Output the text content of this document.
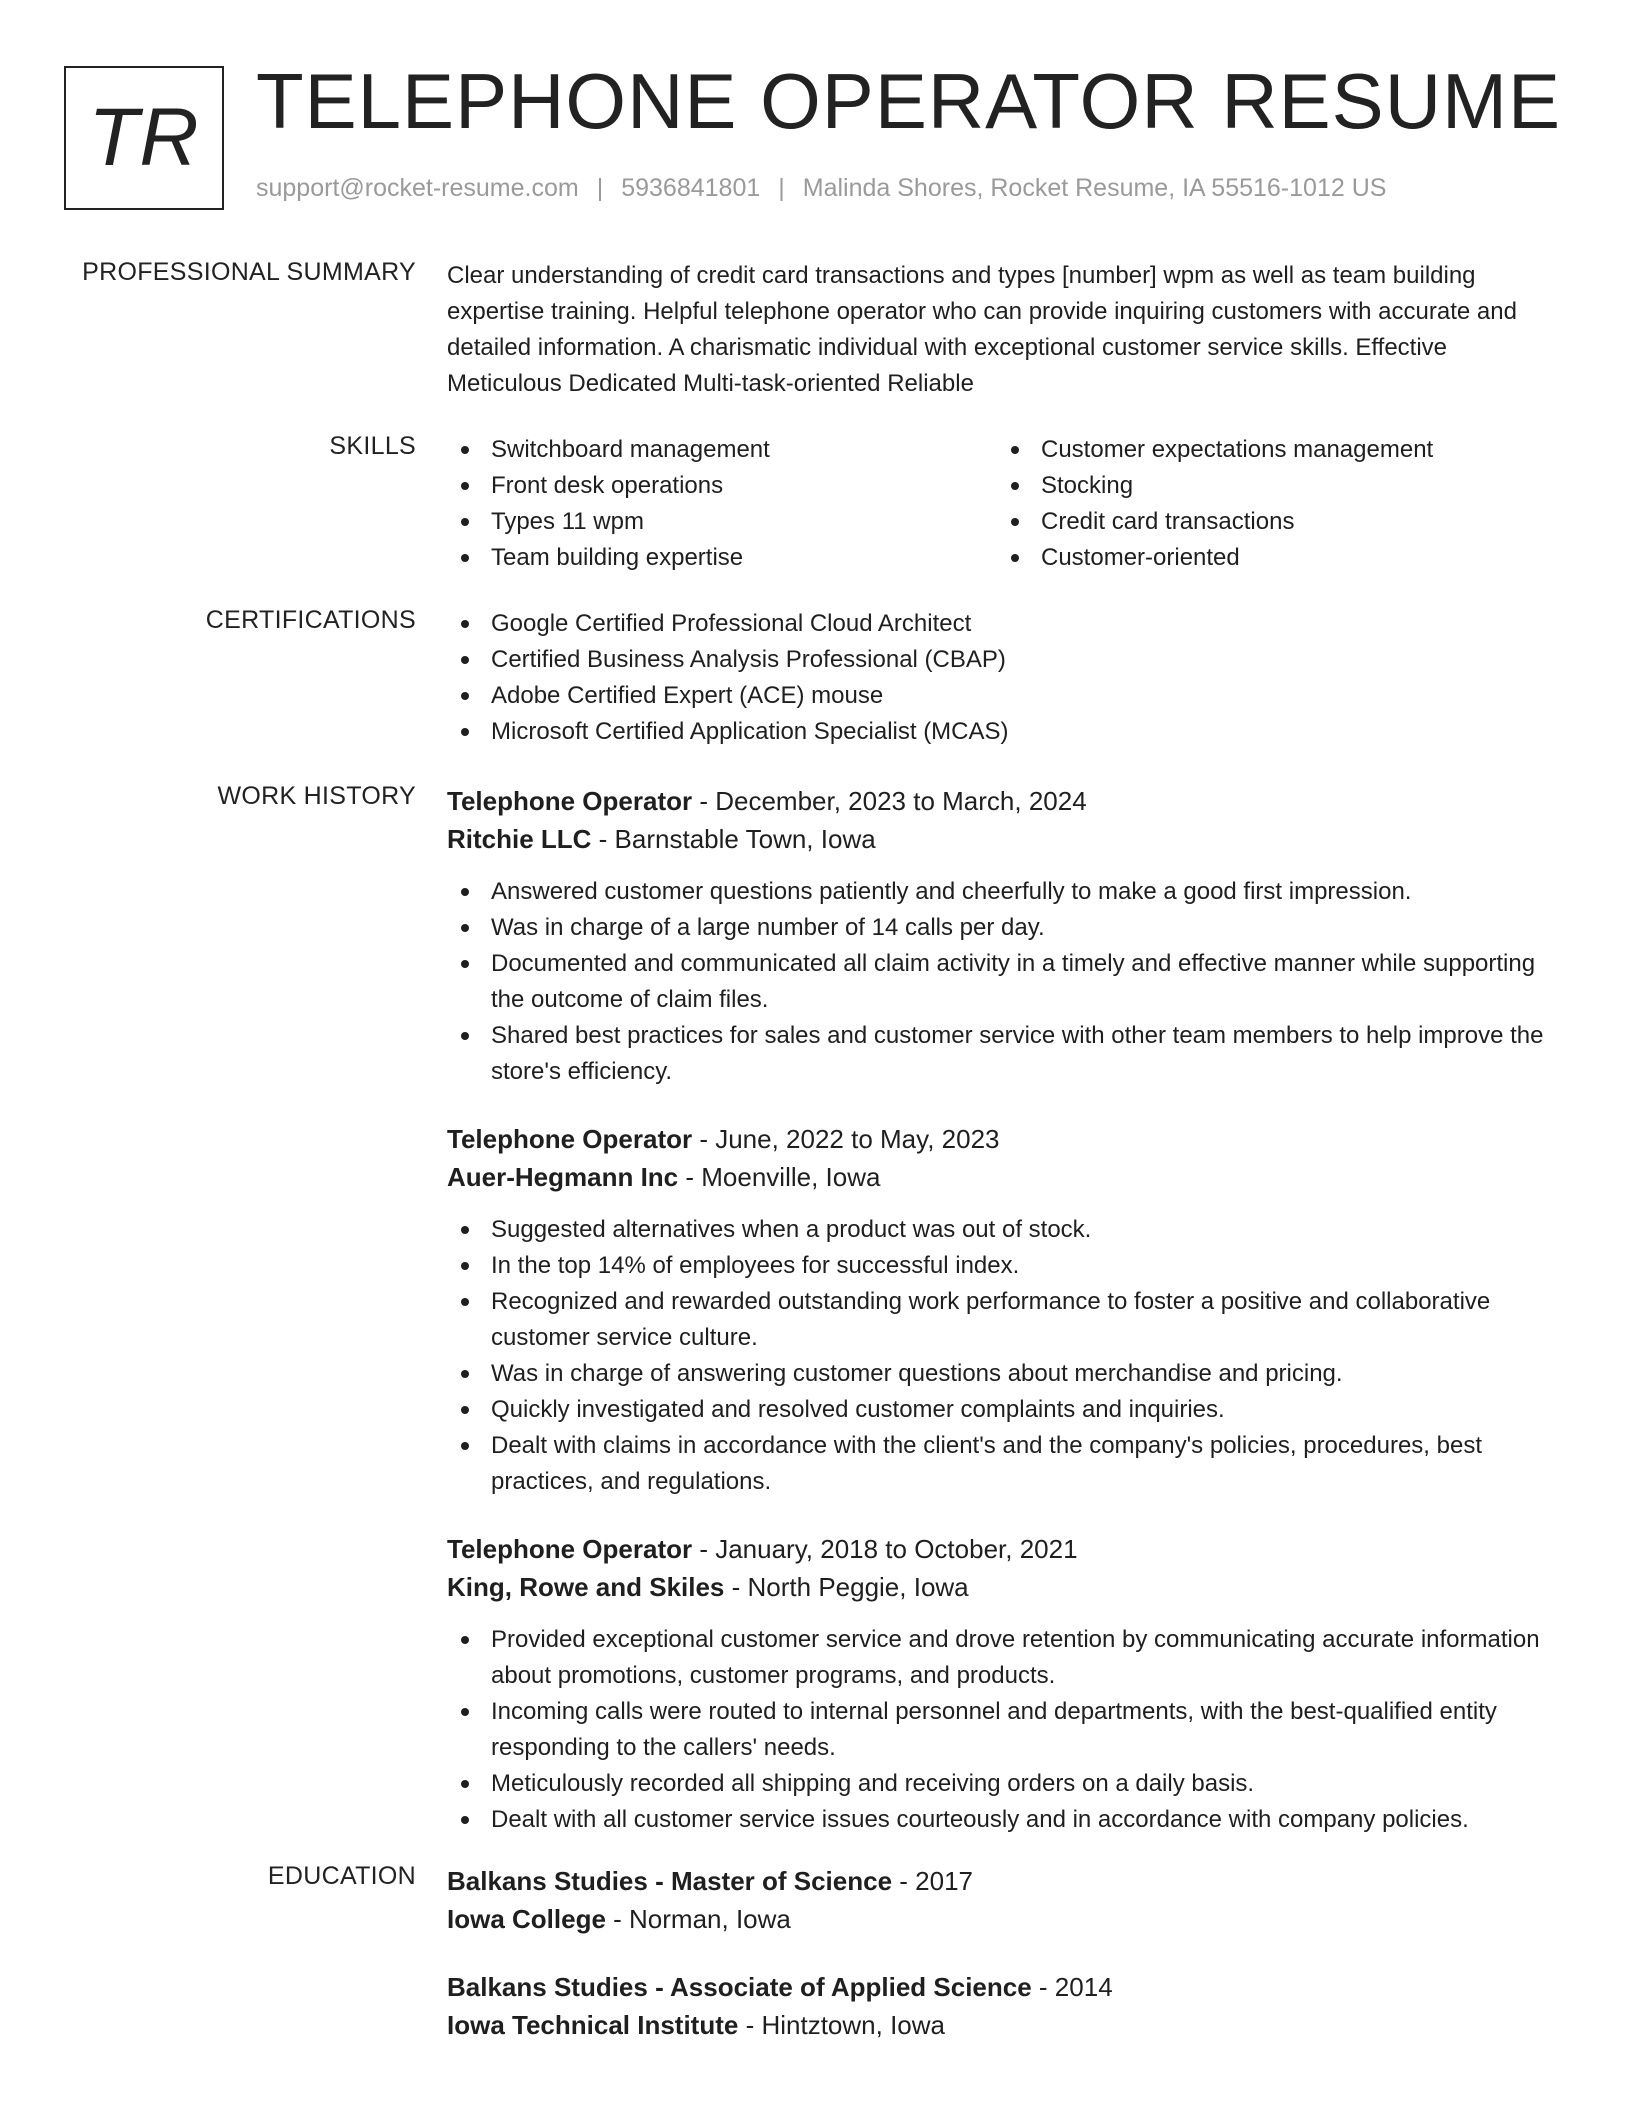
TR TELEPHONE OPERATOR RESUME
support@rocket-resume.com | 5936841801 | Malinda Shores, Rocket Resume, IA 55516-1012 US
PROFESSIONAL SUMMARY Clear understanding of credit card transactions and types [number] wpm as well as team building expertise training. Helpful telephone operator who can provide inquiring customers with accurate and detailed information. A charismatic individual with exceptional customer service skills. Effective Meticulous Dedicated Multi-task-oriented Reliable
SKILLS	Switchboard management
Front desk operations
Types 11 wpm
Team building expertise
Customer expectations management
Stocking
Credit card transactions
Customer-oriented
CERTIFICATIONS	Google Certified Professional Cloud Architect
Certified Business Analysis Professional (CBAP)
Adobe Certified Expert (ACE) mouse
Microsoft Certified Application Specialist (MCAS)
WORK HISTORY Telephone Operator - December, 2023 to March, 2024
Ritchie LLC - Barnstable Town, Iowa
Answered customer questions patiently and cheerfully to make a good first impression.
Was in charge of a large number of 14 calls per day.
Documented and communicated all claim activity in a timely and effective manner while supporting the outcome of claim files.
Shared best practices for sales and customer service with other team members to help improve the store's efficiency.
Telephone Operator - June, 2022 to May, 2023
Auer-Hegmann Inc - Moenville, Iowa
Suggested alternatives when a product was out of stock.
In the top 14% of employees for successful index.
Recognized and rewarded outstanding work performance to foster a positive and collaborative customer service culture.
Was in charge of answering customer questions about merchandise and pricing.
Quickly investigated and resolved customer complaints and inquiries.
Dealt with claims in accordance with the client's and the company's policies, procedures, best practices, and regulations.
Telephone Operator - January, 2018 to October, 2021
King, Rowe and Skiles - North Peggie, Iowa
Provided exceptional customer service and drove retention by communicating accurate information about promotions, customer programs, and products.
Incoming calls were routed to internal personnel and departments, with the best-qualified entity responding to the callers' needs.
Meticulously recorded all shipping and receiving orders on a daily basis.
Dealt with all customer service issues courteously and in accordance with company policies.
EDUCATION Balkans Studies - Master of Science - 2017
Iowa College - Norman, Iowa
Balkans Studies - Associate of Applied Science - 2014
Iowa Technical Institute - Hintztown, Iowa
